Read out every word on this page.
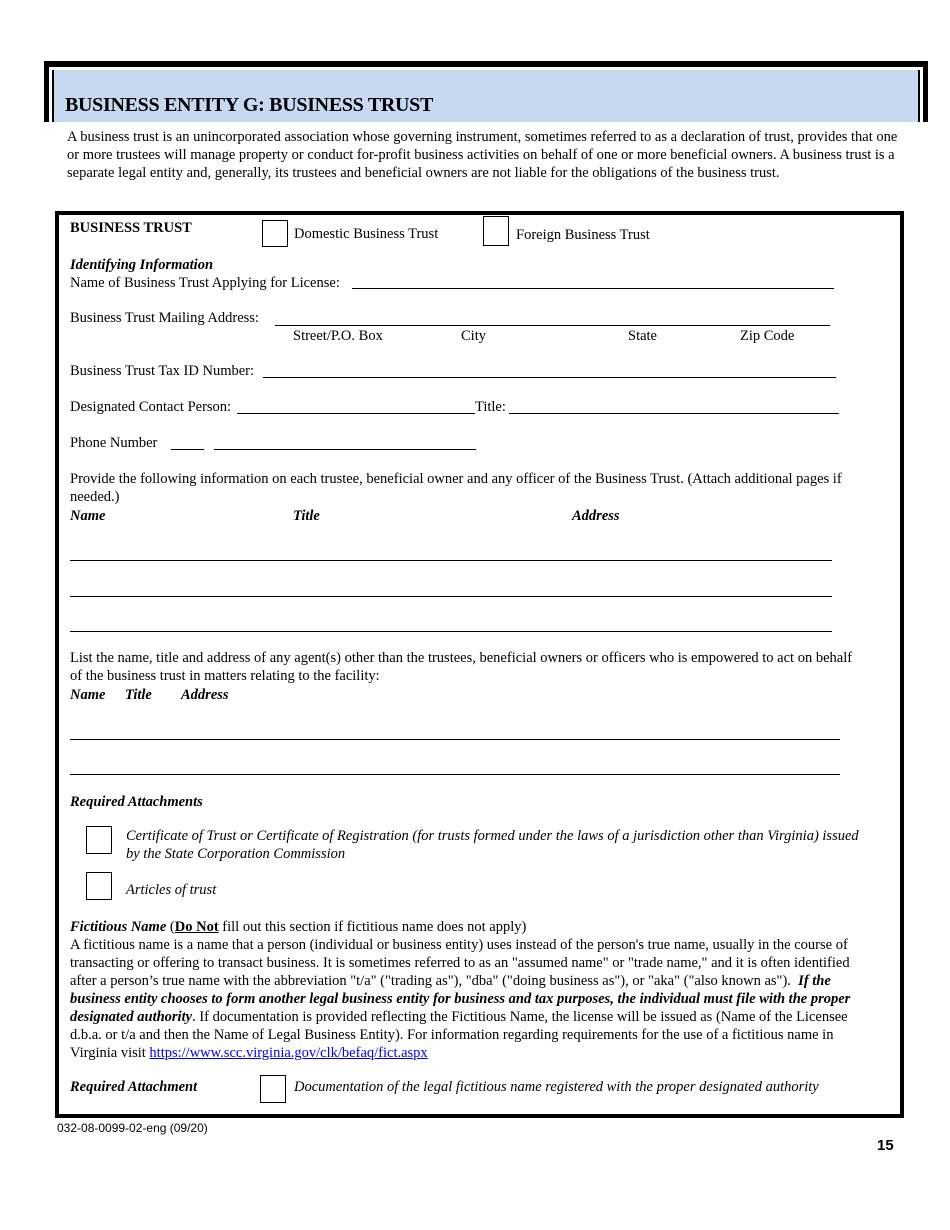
BUSINESS ENTITY G: BUSINESS TRUST
A business trust is an unincorporated association whose governing instrument, sometimes referred to as a declaration of trust, provides that one or more trustees will manage property or conduct for-profit business activities on behalf of one or more beneficial owners. A business trust is a separate legal entity and, generally, its trustees and beneficial owners are not liable for the obligations of the business trust.
BUSINESS TRUST	Domestic Business Trust	Foreign Business Trust
Identifying Information
Name of Business Trust Applying for License:
Business Trust Mailing Address:
Street/P.O. Box	City	State	Zip Code
Business Trust Tax ID Number:
Designated Contact Person:	Title:
Phone Number
Provide the following information on each trustee, beneficial owner and any officer of the Business Trust. (Attach additional pages if needed.)
Name	Title	Address
List the name, title and address of any agent(s) other than the trustees, beneficial owners or officers who is empowered to act on behalf of the business trust in matters relating to the facility:
Name Title Address
Required Attachments
Certificate of Trust or Certificate of Registration (for trusts formed under the laws of a jurisdiction other than Virginia) issued by the State Corporation Commission
Articles of trust
Fictitious Name (Do Not fill out this section if fictitious name does not apply)
A fictitious name is a name that a person (individual or business entity) uses instead of the person's true name, usually in the course of transacting or offering to transact business. It is sometimes referred to as an "assumed name" or "trade name," and it is often identified after a person’s true name with the abbreviation "t/a" ("trading as"), "dba" ("doing business as"), or "aka" ("also known as"). If the business entity chooses to form another legal business entity for business and tax purposes, the individual must file with the proper designated authority. If documentation is provided reflecting the Fictitious Name, the license will be issued as (Name of the Licensee d.b.a. or t/a and then the Name of Legal Business Entity). For information regarding requirements for the use of a fictitious name in Virginia visit https://www.scc.virginia.gov/clk/befaq/fict.aspx
Required Attachment	Documentation of the legal fictitious name registered with the proper designated authority
032-08-0099-02-eng (09/20)
15
